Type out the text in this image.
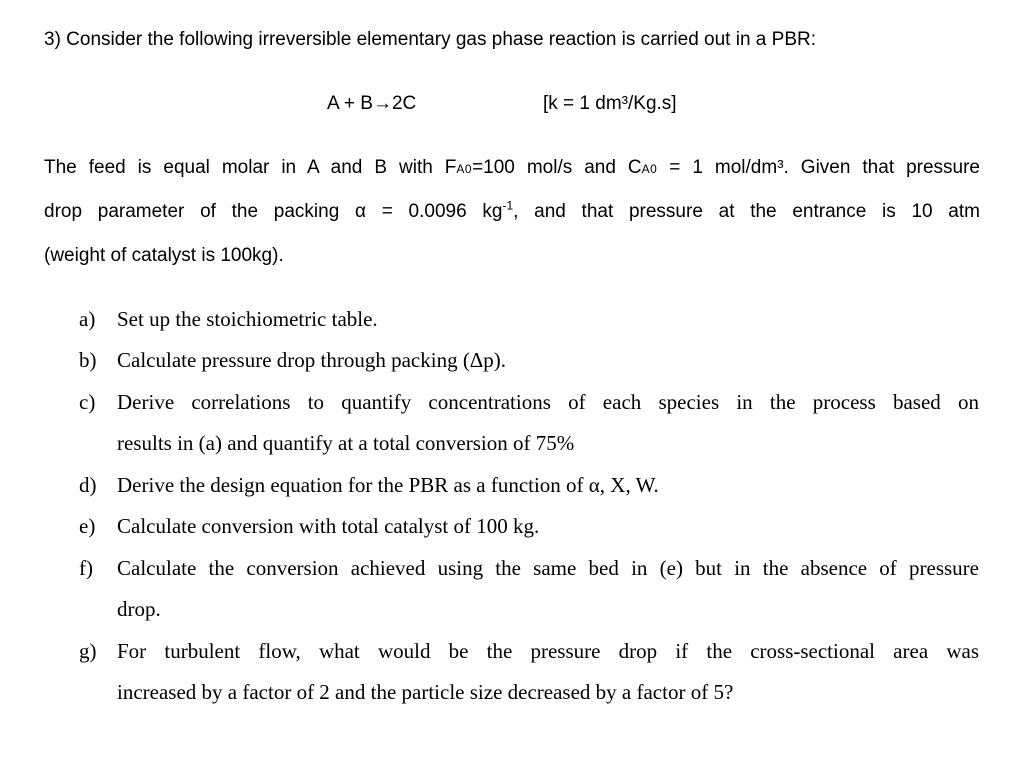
3) Consider the following irreversible elementary gas phase reaction is carried out in a PBR:
A + B→2C	[k = 1 dm³/Kg.s]
The feed is equal molar in A and B with FA0=100 mol/s and CA0 = 1 mol/dm³. Given that pressure
drop parameter of the packing α = 0.0096 $kg^{-1}$, and that pressure at the entrance is 10 atm
(weight of catalyst is 100kg).
a) Set up the stoichiometric table.
b) Calculate pressure drop through packing (Δp).
c) Derive correlations to quantify concentrations of each species in the process based on
results in (a) and quantify at a total conversion of 75%
d) Derive the design equation for the PBR as a function of α, X, W.
e) Calculate conversion with total catalyst of 100 kg.
f) Calculate the conversion achieved using the same bed in (e) but in the absence of pressure
drop.
g) For turbulent flow, what would be the pressure drop if the cross-sectional area was
increased by a factor of 2 and the particle size decreased by a factor of 5?
